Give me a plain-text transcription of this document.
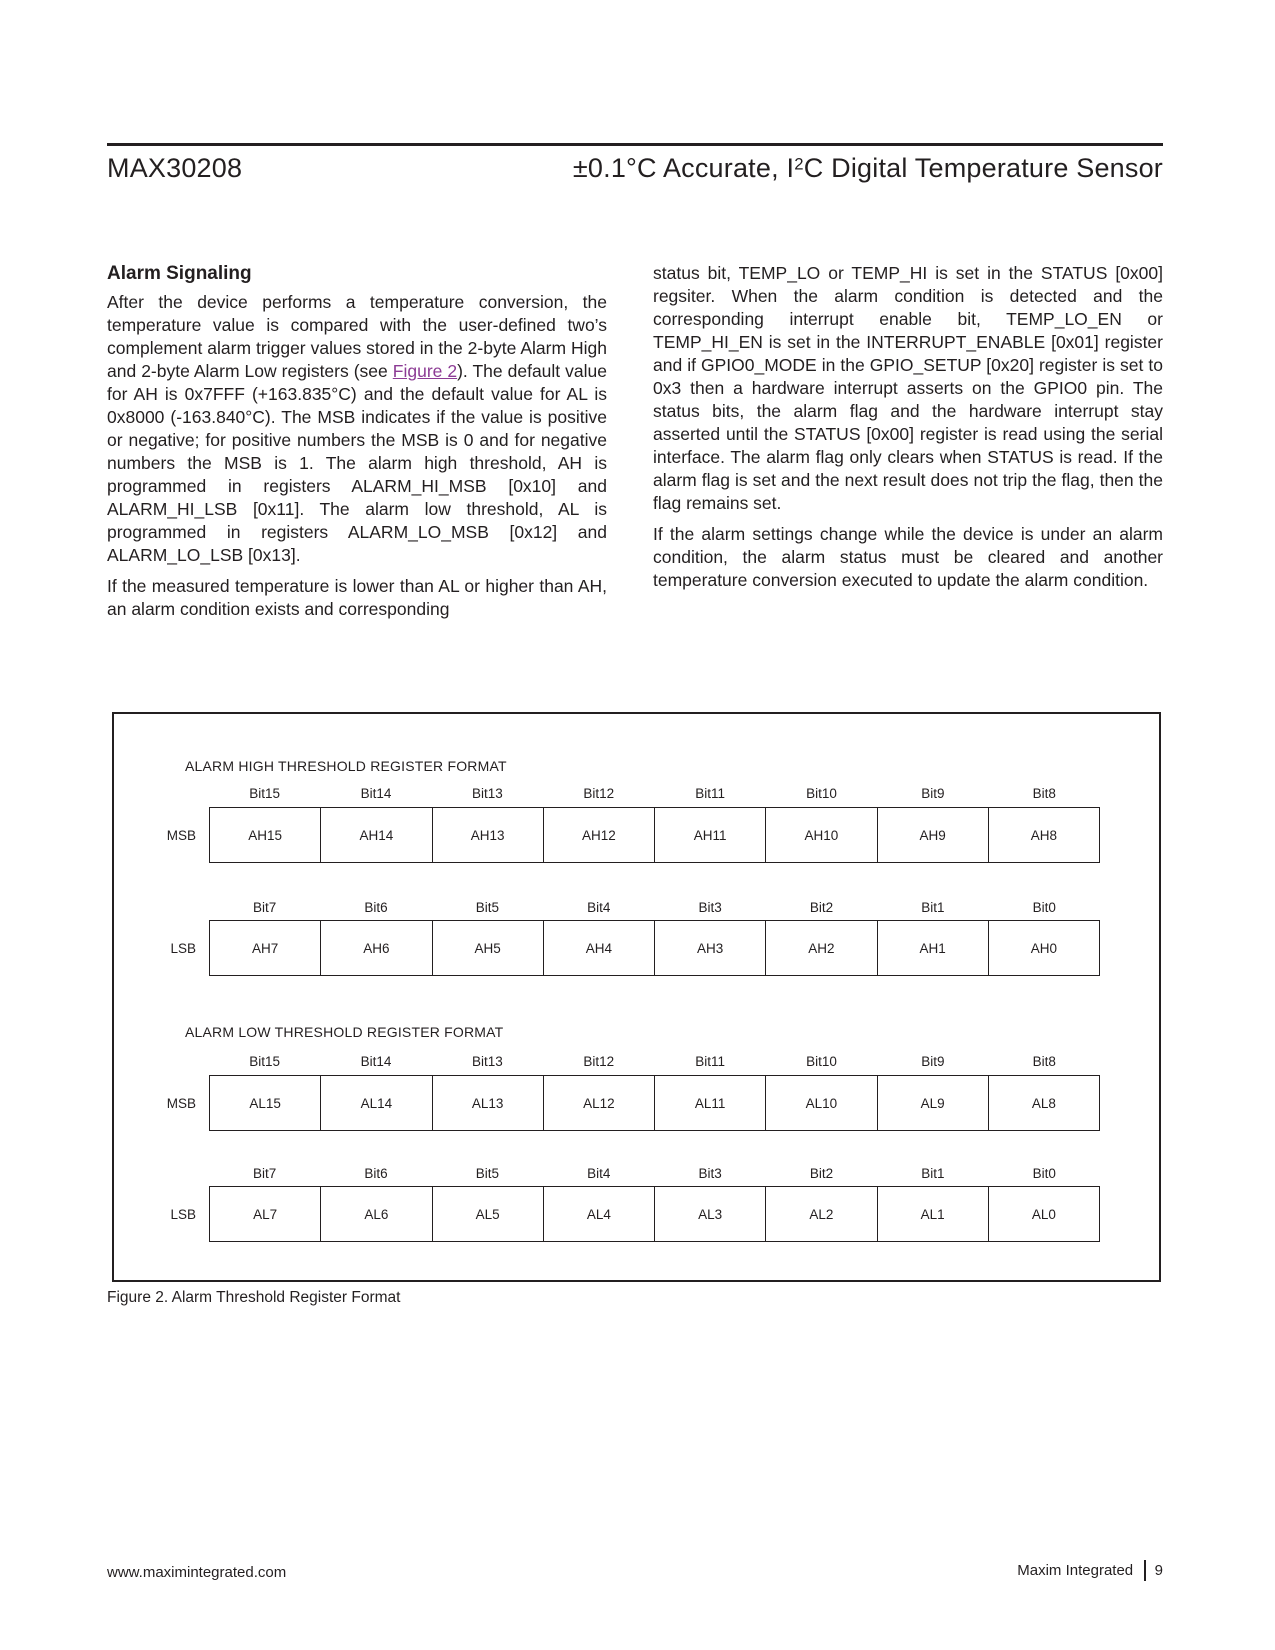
MAX30208	±0.1°C Accurate, $I^2C$ Digital Temperature Sensor
Alarm Signaling

After the device performs a temperature conversion, the temperature value is compared with the user-defined two’s complement alarm trigger values stored in the 2-byte Alarm High and 2-byte Alarm Low registers (see Figure 2). The default value for AH is 0x7FFF (+163.835°C) and the default value for AL is 0x8000 (-163.840°C). The MSB indicates if the value is positive or negative; for positive numbers the MSB is 0 and for negative numbers the MSB is 1. The alarm high threshold, AH is programmed in registers ALARM_HI_MSB [0x10] and ALARM_HI_LSB [0x11]. The alarm low threshold, AL is programmed in registers ALARM_LO_MSB [0x12] and ALARM_LO_LSB [0x13].

If the measured temperature is lower than AL or higher than AH, an alarm condition exists and corresponding

status bit, TEMP_LO or TEMP_HI is set in the STATUS [0x00] regsiter. When the alarm condition is detected and the corresponding interrupt enable bit, TEMP_LO_EN or TEMP_HI_EN is set in the INTERRUPT_ENABLE [0x01] register and if GPIO0_MODE in the GPIO_SETUP [0x20] register is set to 0x3 then a hardware interrupt asserts on the GPIO0 pin. The status bits, the alarm flag and the hardware interrupt stay asserted until the STATUS [0x00] register is read using the serial interface. The alarm flag only clears when STATUS is read. If the alarm flag is set and the next result does not trip the flag, then the flag remains set.

If the alarm settings change while the device is under an alarm condition, the alarm status must be cleared and another temperature conversion executed to update the alarm condition.

ALARM HIGH THRESHOLD REGISTER FORMAT
Bit15	Bit14	Bit13	Bit12	Bit11	Bit10	Bit9	Bit8
MSB	AH15	AH14	AH13	AH12	AH11	AH10	AH9	AH8
Bit7	Bit6	Bit5	Bit4	Bit3	Bit2	Bit1	Bit0
LSB	AH7	AH6	AH5	AH4	AH3	AH2	AH1	AH0
ALARM LOW THRESHOLD REGISTER FORMAT
Bit15	Bit14	Bit13	Bit12	Bit11	Bit10	Bit9	Bit8
MSB	AL15	AL14	AL13	AL12	AL11	AL10	AL9	AL8
Bit7	Bit6	Bit5	Bit4	Bit3	Bit2	Bit1	Bit0
LSB	AL7	AL6	AL5	AL4	AL3	AL2	AL1	AL0
Figure 2. Alarm Threshold Register Format
www.maximintegrated.com	Maxim Integrated 9
